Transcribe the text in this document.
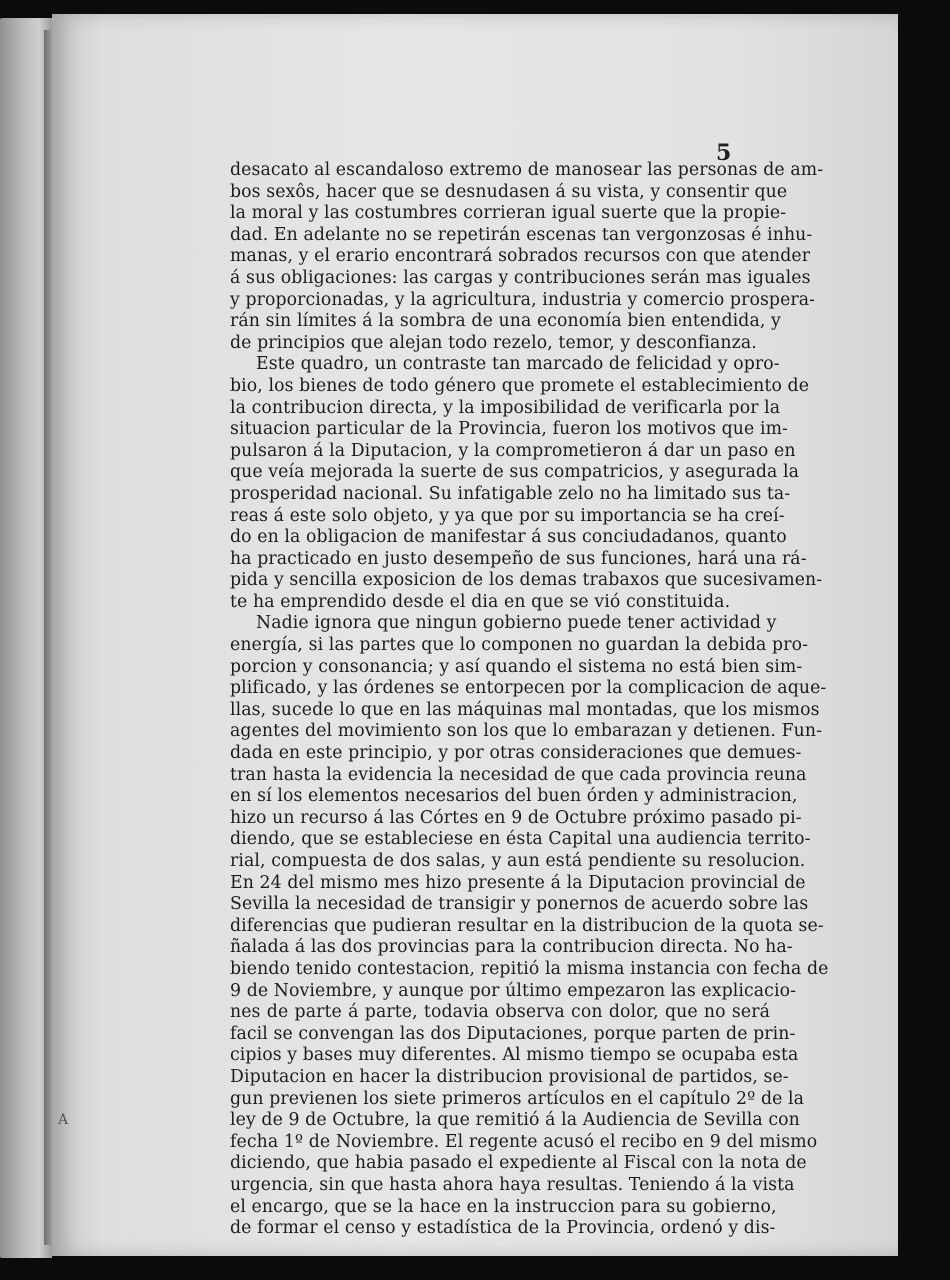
5
A
desacato al escandaloso extremo de manosear las personas de am-
bos sexôs, hacer que se desnudasen á su vista, y consentir que
la moral y las costumbres corrieran igual suerte que la propie-
dad. En adelante no se repetirán escenas tan vergonzosas é inhu-
manas, y el erario encontrará sobrados recursos con que atender
á sus obligaciones: las cargas y contribuciones serán mas iguales
y proporcionadas, y la agricultura, industria y comercio prospera-
rán sin límites á la sombra de una economía bien entendida, y
de principios que alejan todo rezelo, temor, y desconfianza.
Este quadro, un contraste tan marcado de felicidad y opro-
bio, los bienes de todo género que promete el establecimiento de
la contribucion directa, y la imposibilidad de verificarla por la
situacion particular de la Provincia, fueron los motivos que im-
pulsaron á la Diputacion, y la comprometieron á dar un paso en
que veía mejorada la suerte de sus compatricios, y asegurada la
prosperidad nacional. Su infatigable zelo no ha limitado sus ta-
reas á este solo objeto, y ya que por su importancia se ha creí-
do en la obligacion de manifestar á sus conciudadanos, quanto
ha practicado en justo desempeño de sus funciones, hará una rá-
pida y sencilla exposicion de los demas trabaxos que sucesivamen-
te ha emprendido desde el dia en que se vió constituida.
Nadie ignora que ningun gobierno puede tener actividad y
energía, si las partes que lo componen no guardan la debida pro-
porcion y consonancia; y así quando el sistema no está bien sim-
plificado, y las órdenes se entorpecen por la complicacion de aque-
llas, sucede lo que en las máquinas mal montadas, que los mismos
agentes del movimiento son los que lo embarazan y detienen. Fun-
dada en este principio, y por otras consideraciones que demues-
tran hasta la evidencia la necesidad de que cada provincia reuna
en sí los elementos necesarios del buen órden y administracion,
hizo un recurso á las Córtes en 9 de Octubre próximo pasado pi-
diendo, que se estableciese en ésta Capital una audiencia territo-
rial, compuesta de dos salas, y aun está pendiente su resolucion.
En 24 del mismo mes hizo presente á la Diputacion provincial de
Sevilla la necesidad de transigir y ponernos de acuerdo sobre las
diferencias que pudieran resultar en la distribucion de la quota se-
ñalada á las dos provincias para la contribucion directa. No ha-
biendo tenido contestacion, repitió la misma instancia con fecha de
9 de Noviembre, y aunque por último empezaron las explicacio-
nes de parte á parte, todavia observa con dolor, que no será
facil se convengan las dos Diputaciones, porque parten de prin-
cipios y bases muy diferentes. Al mismo tiempo se ocupaba esta
Diputacion en hacer la distribucion provisional de partidos, se-
gun previenen los siete primeros artículos en el capítulo 2º de la
ley de 9 de Octubre, la que remitió á la Audiencia de Sevilla con
fecha 1º de Noviembre. El regente acusó el recibo en 9 del mismo
diciendo, que habia pasado el expediente al Fiscal con la nota de
urgencia, sin que hasta ahora haya resultas. Teniendo á la vista
el encargo, que se la hace en la instruccion para su gobierno,
de formar el censo y estadística de la Provincia, ordenó y dis-
